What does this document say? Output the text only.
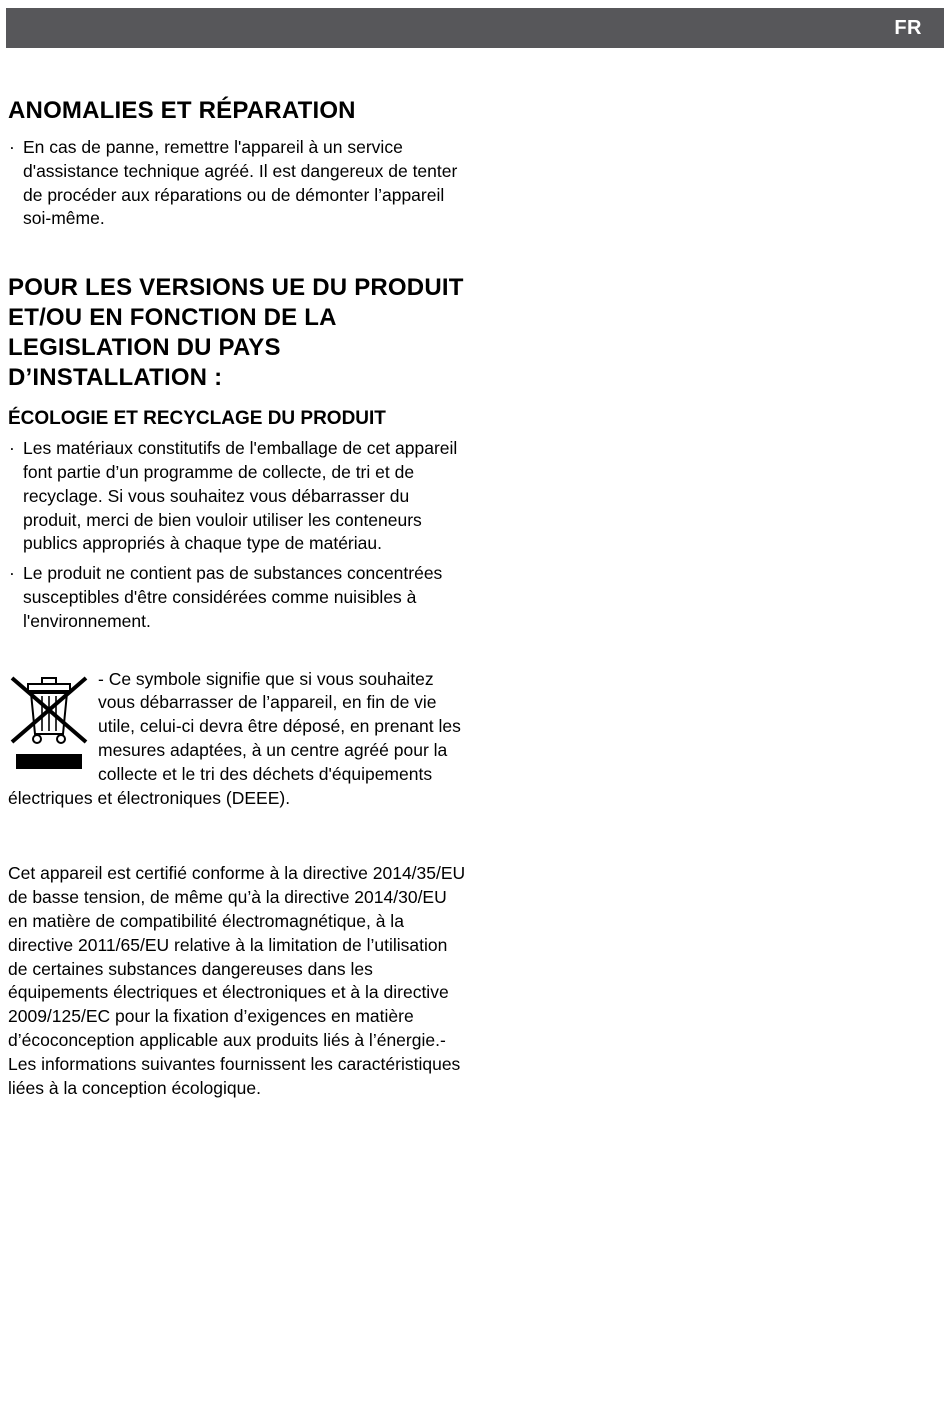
FR
ANOMALIES ET RÉPARATION
· En cas de panne, remettre l'appareil à un service d'assistance technique agréé. Il est dangereux de tenter de procéder aux réparations ou de démonter l’appareil soi-même.
POUR LES VERSIONS UE DU PRODUIT ET/OU EN FONCTION DE LA LEGISLATION DU PAYS D’INSTALLATION :
ÉCOLOGIE ET RECYCLAGE DU PRODUIT
· Les matériaux constitutifs de l'emballage de cet appareil font partie d’un programme de collecte, de tri et de recyclage. Si vous souhaitez vous débarrasser du produit, merci de bien vouloir utiliser les conteneurs publics appropriés à chaque type de matériau.
· Le produit ne contient pas de substances concentrées susceptibles d'être considérées comme nuisibles à l'environnement.

- Ce symbole signifie que si vous souhaitez vous débarrasser de l’appareil, en fin de vie utile, celui-ci devra être déposé, en prenant les mesures adaptées, à un centre agréé pour la collecte et le tri des déchets d'équipements électriques et électroniques (DEEE).

Cet appareil est certifié conforme à la directive 2014/35/EU de basse tension, de même qu’à la directive 2014/30/EU en matière de compatibilité électromagnétique, à la directive 2011/65/EU relative à la limitation de l’utilisation de certaines substances dangereuses dans les équipements électriques et électroniques et à la directive 2009/125/EC pour la fixation d’exigences en matière d’écoconception applicable aux produits liés à l’énergie.- Les informations suivantes fournissent les caractéristiques liées à la conception écologique.
